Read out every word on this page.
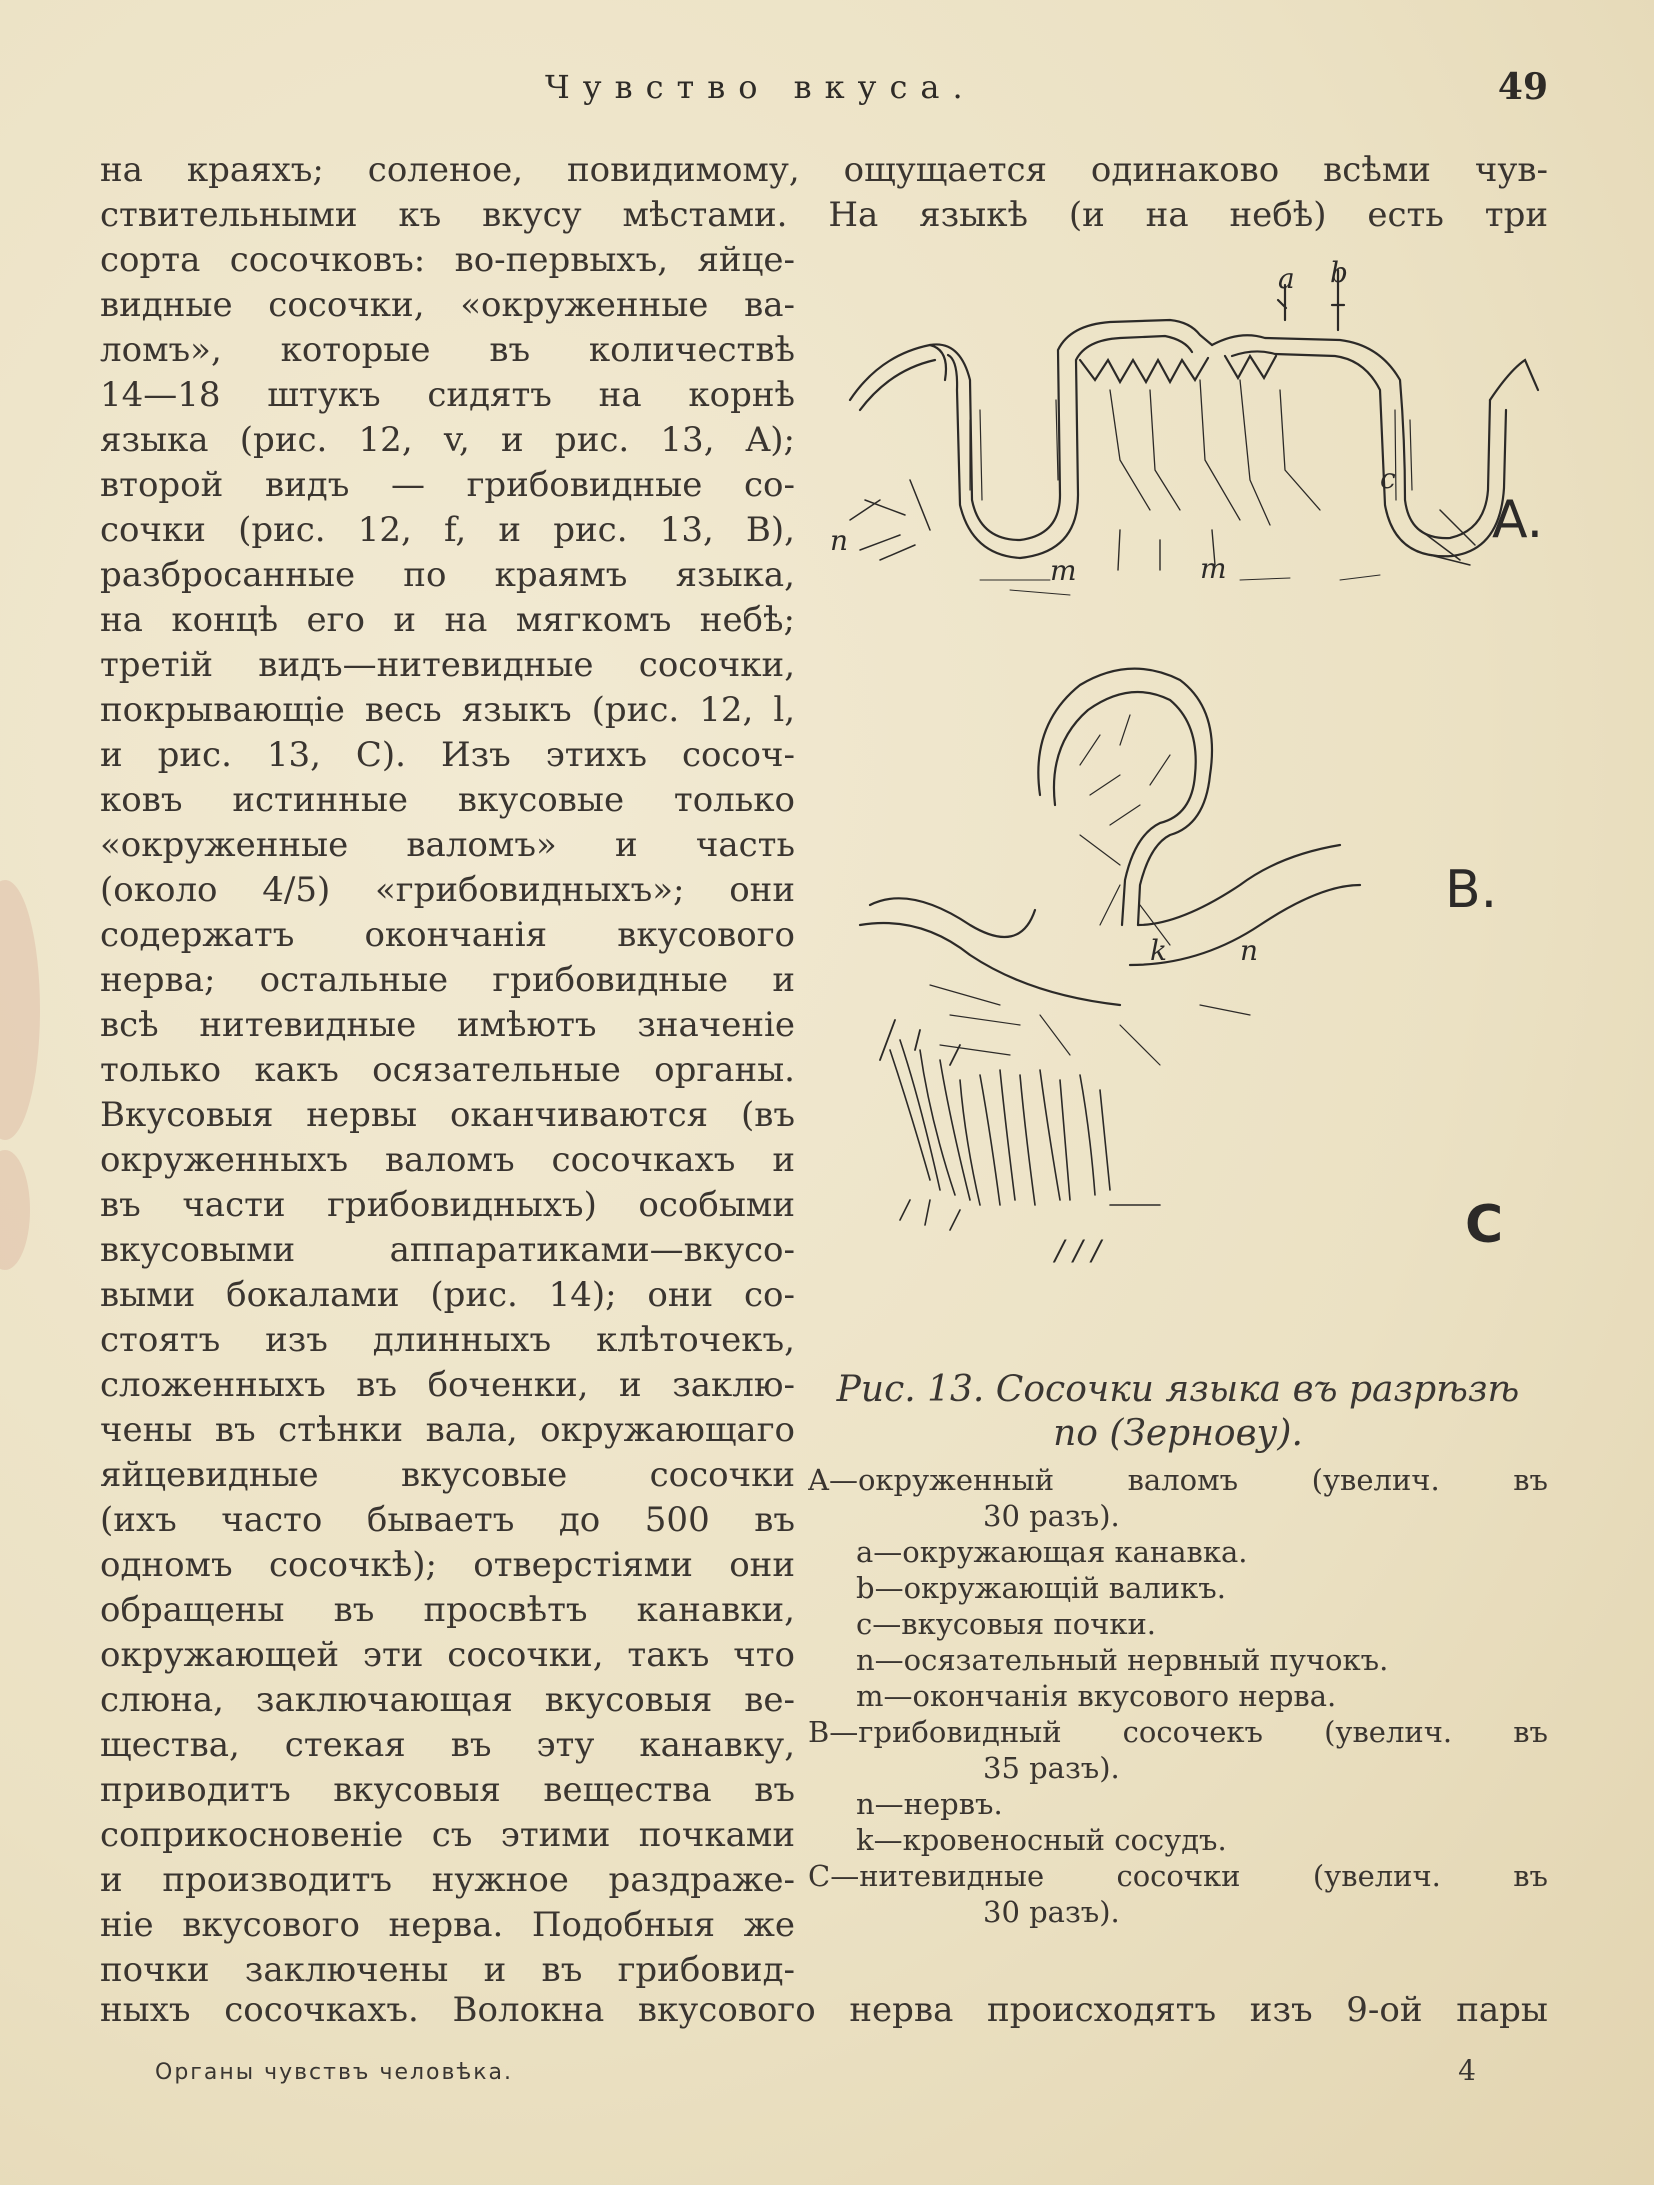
Чувство вкуса.	49
на краяхъ; соленое, повидимому, ощущается одинаково всѣми чув-
ствительными къ вкусу мѣстами. На языкѣ (и на небѣ) есть три
сорта сосочковъ: во-первыхъ, яйце-
видные сосочки, «окруженные ва-
ломъ», которые въ количествѣ
14—18 штукъ сидятъ на корнѣ
языка (рис. 12, v, и рис. 13, A);
второй видъ — грибовидные со-
сочки (рис. 12, f, и рис. 13, B),
разбросанные по краямъ языка,
на концѣ его и на мягкомъ небѣ;
третій видъ—нитевидные сосочки,
покрывающіе весь языкъ (рис. 12, l,
и рис. 13, C). Изъ этихъ сосоч-
ковъ истинные вкусовые только
«окруженные валомъ» и часть
(около 4/5) «грибовидныхъ»; они
содержатъ окончанія вкусового
нерва; остальные грибовидные и
всѣ нитевидные имѣютъ значеніе
только какъ осязательные органы.
Вкусовыя нервы оканчиваются (въ
окруженныхъ валомъ сосочкахъ и
въ части грибовидныхъ) особыми
вкусовыми аппаратиками—вкусо-
выми бокалами (рис. 14); они со-
стоятъ изъ длинныхъ клѣточекъ,
сложенныхъ въ боченки, и заклю-
чены въ стѣнки вала, окружающаго
яйцевидные вкусовые сосочки
(ихъ часто бываетъ до 500 въ
одномъ сосочкѣ); отверстіями они
обращены въ просвѣтъ канавки,
окружающей эти сосочки, такъ что
слюна, заключающая вкусовыя ве-
щества, стекая въ эту канавку,
приводитъ вкусовыя вещества въ
соприкосновеніе съ этими почками
и производитъ нужное раздраже-
ніе вкусового нерва. Подобныя же
почки заключены и въ грибовид-
a b
c
n
m	m
k	n
/ / /
A.
B.
C
Рис. 13. Сосочки языка въ разрѣзѣ
по (Зернову).
A—окруженный валомъ (увелич. въ
30 разъ).
a—окружающая канавка.
b—окружающій валикъ.
c—вкусовыя почки.
n—осязательный нервный пучокъ.
m—окончанія вкусового нерва.
B—грибовидный сосочекъ (увелич. въ
35 разъ).
n—нервъ.
k—кровеносный сосудъ.
C—нитевидные сосочки (увелич. въ
30 разъ).
ныхъ сосочкахъ. Волокна вкусового нерва происходятъ изъ 9-ой пары
Органы чувствъ человѣка.	4
